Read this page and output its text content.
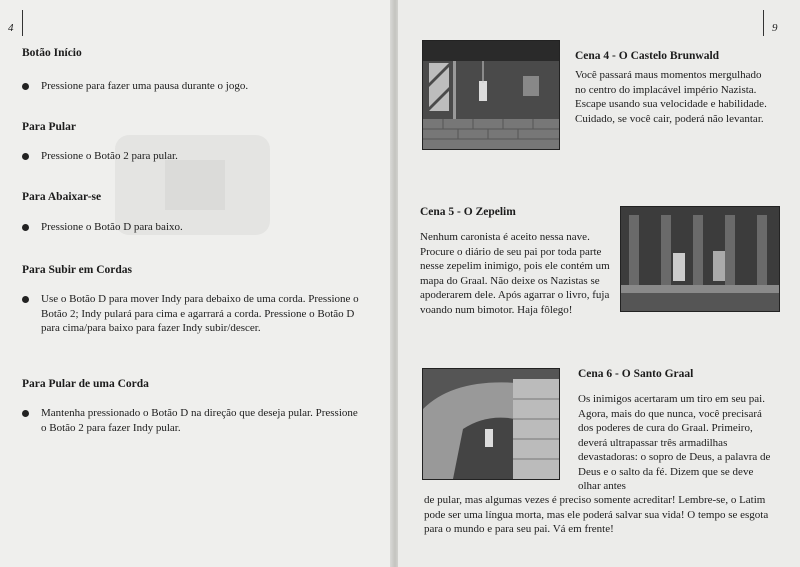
4
Botão Início
Pressione para fazer uma pausa durante o jogo.
Para Pular
Pressione o Botão 2 para pular.
Para Abaixar-se
Pressione o Botão D para baixo.
Para Subir em Cordas
Use o Botão D para mover Indy para debaixo de uma corda. Pressione o Botão 2; Indy pulará para cima e agarrará a corda. Pressione o Botão D para cima/para baixo para fazer Indy subir/descer.
Para Pular de uma Corda
Mantenha pressionado o Botão D na direção que deseja pular. Pressione o Botão 2 para fazer Indy pular.
9
Cena 4 - O Castelo Brunwald

Você passará maus momentos mergulhado no centro do implacável império Nazista. Escape usando sua velocidade e habilidade. Cuidado, se você cair, poderá não levantar.

Cena 5 - O Zepelim

Nenhum caronista é aceito nessa nave. Procure o diário de seu pai por toda parte nesse zepelim inimigo, pois ele contém um mapa do Graal. Não deixe os Nazistas se apoderarem dele. Após agarrar o livro, fuja voando num bimotor. Haja fôlego!

Cena 6 - O Santo Graal

Os inimigos acertaram um tiro em seu pai. Agora, mais do que nunca, você precisará dos poderes de cura do Graal. Primeiro, deverá ultrapassar três armadilhas devastadoras: o sopro de Deus, a palavra de Deus e o salto da fé. Dizem que se deve olhar antes

de pular, mas algumas vezes é preciso somente acreditar! Lembre-se, o Latim pode ser uma língua morta, mas ele poderá salvar sua vida! O tempo se esgota para o mundo e para seu pai. Vá em frente!
